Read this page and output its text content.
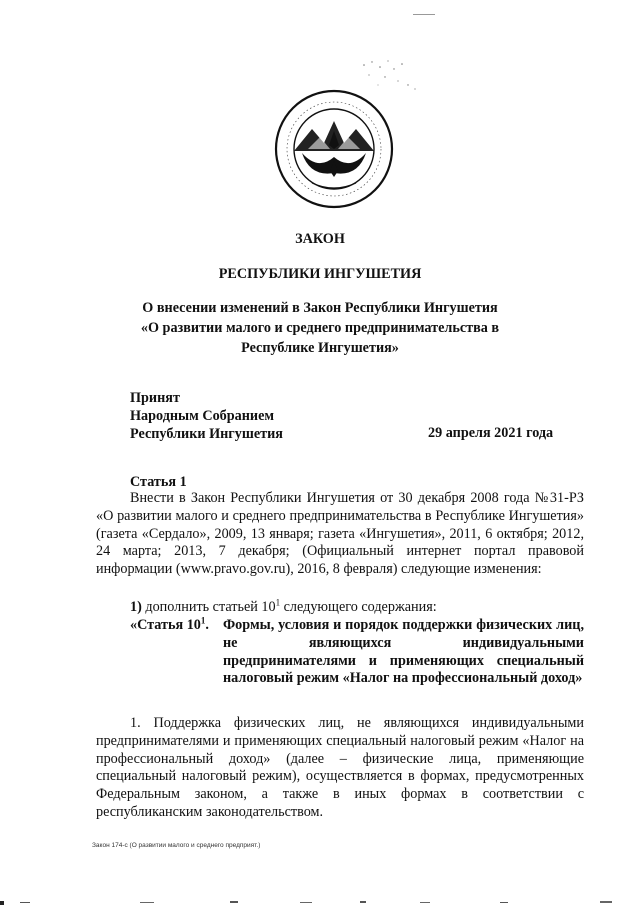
ЗАКОН
РЕСПУБЛИКИ ИНГУШЕТИЯ
О внесении изменений в Закон Республики Ингушетия
«О развитии малого и среднего предпринимательства в
Республике Ингушетия»
Принят
Народным Собранием
Республики Ингушетия	29 апреля 2021 года
Статья 1
Внести в Закон Республики Ингушетия от 30 декабря 2008 года №31-РЗ «О развитии малого и среднего предпринимательства в Республике Ингушетия» (газета «Сердало», 2009, 13 января; газета «Ингушетия», 2011, 6 октября; 2012, 24 марта; 2013, 7 декабря; (Официальный интернет портал правовой информации (www.pravo.gov.ru), 2016, 8 февраля) следующие изменения:
1) дополнить статьей $10^1$ следующего содержания:
«Статья $10^1$. Формы, условия и порядок поддержки физических лиц, не являющихся индивидуальными предпринимателями и применяющих специальный налоговый режим «Налог на профессиональный доход»
1. Поддержка физических лиц, не являющихся индивидуальными предпринимателями и применяющих специальный налоговый режим «Налог на профессиональный доход» (далее – физические лица, применяющие специальный налоговый режим), осуществляется в формах, предусмотренных Федеральным законом, а также в иных формах в соответствии с республиканским законодательством.
Закон 174-с (О развитии малого и среднего предприят.)
